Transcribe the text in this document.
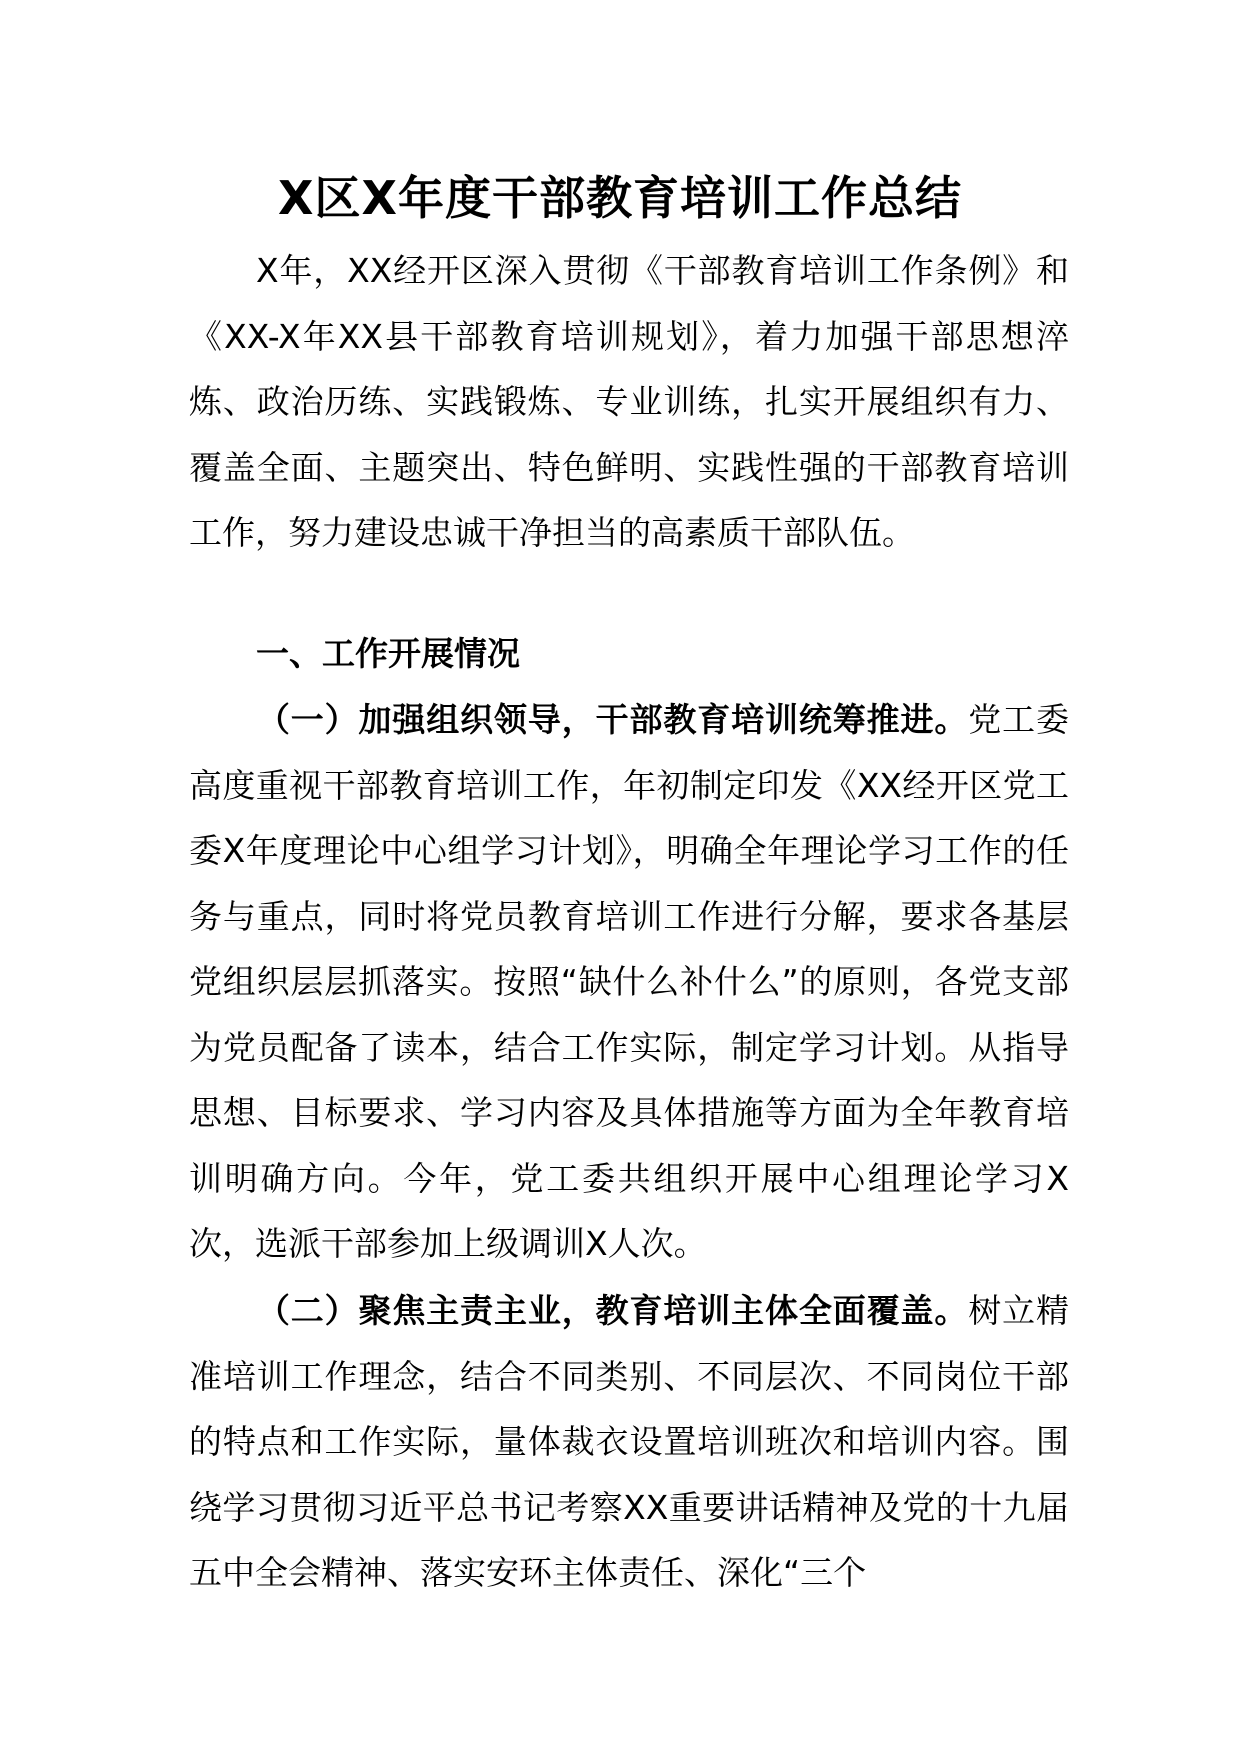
X区X年度干部教育培训工作总结

X年，XX经开区深入贯彻《干部教育培训工作条例》和《XX-X年XX县干部教育培训规划》，着力加强干部思想淬炼、政治历练、实践锻炼、专业训练，扎实开展组织有力、覆盖全面、主题突出、特色鲜明、实践性强的干部教育培训工作，努力建设忠诚干净担当的高素质干部队伍。

一、工作开展情况

（一）加强组织领导，干部教育培训统筹推进。党工委高度重视干部教育培训工作，年初制定印发《XX经开区党工委X年度理论中心组学习计划》，明确全年理论学习工作的任务与重点，同时将党员教育培训工作进行分解，要求各基层党组织层层抓落实。按照“缺什么补什么”的原则，各党支部为党员配备了读本，结合工作实际，制定学习计划。从指导思想、目标要求、学习内容及具体措施等方面为全年教育培训明确方向。今年，党工委共组织开展中心组理论学习X次，选派干部参加上级调训X人次。

（二）聚焦主责主业，教育培训主体全面覆盖。树立精准培训工作理念，结合不同类别、不同层次、不同岗位干部的特点和工作实际，量体裁衣设置培训班次和培训内容。围绕学习贯彻习近平总书记考察XX重要讲话精神及党的十九届五中全会精神、落实安环主体责任、深化“三个
